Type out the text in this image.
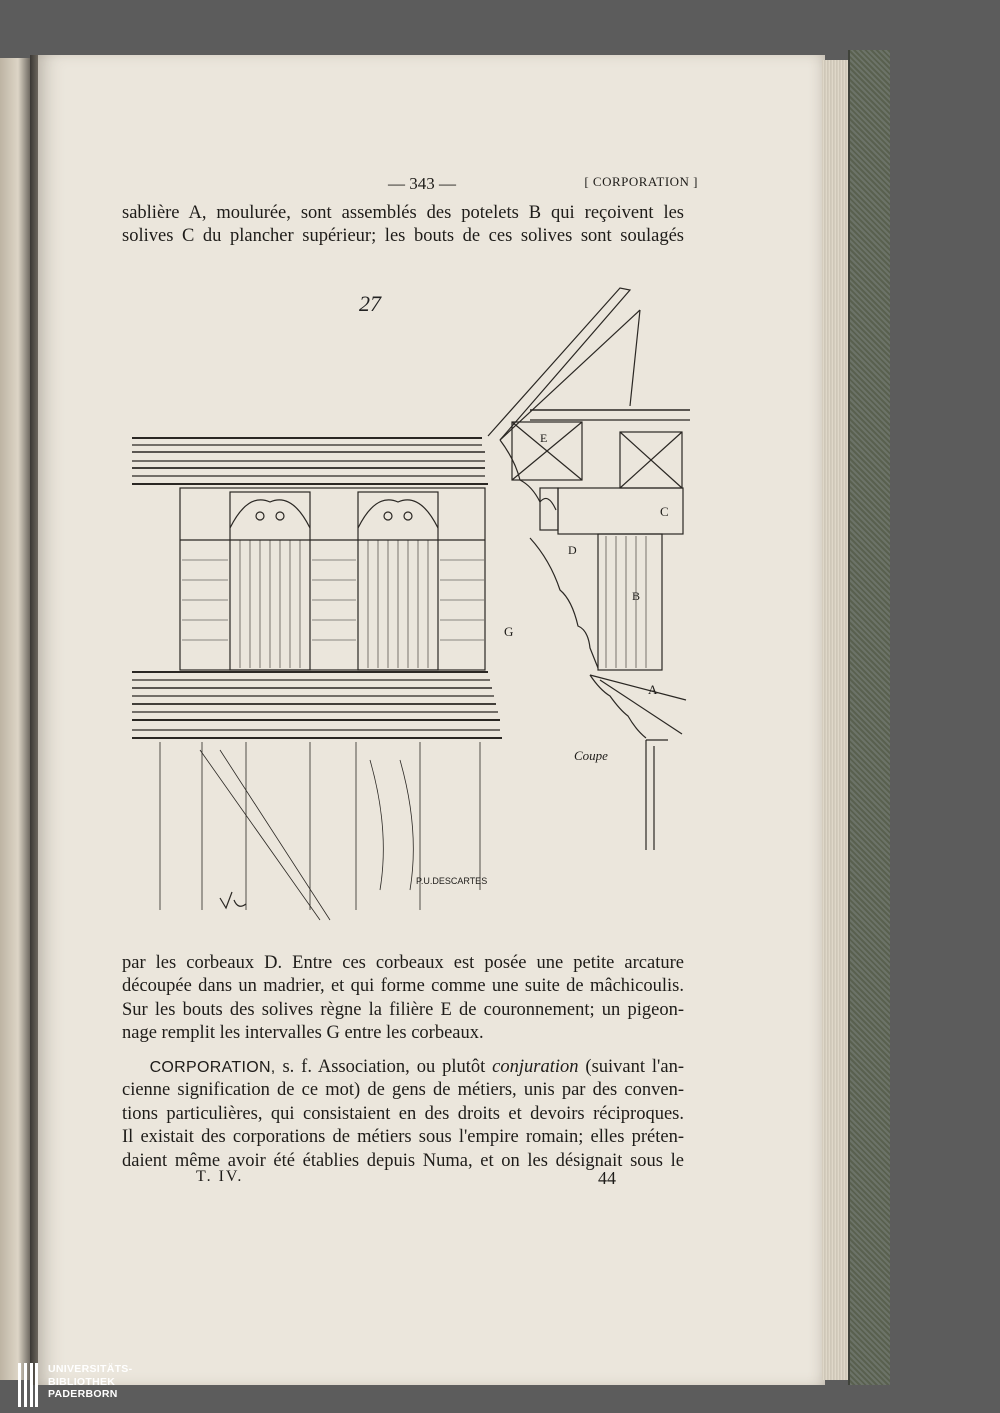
— 343 —	[ CORPORATION ]
sablière A, moulurée, sont assemblés des potelets B qui reçoivent les
solives C du plancher supérieur; les bouts de ces solives sont soulagés
27
E
C
D
B
G
A
Coupe
P.U.DESCARTES
par les corbeaux D. Entre ces corbeaux est posée une petite arcature
découpée dans un madrier, et qui forme comme une suite de mâchicoulis.
Sur les bouts des solives règne la filière E de couronnement; un pigeon-
nage remplit les intervalles G entre les corbeaux.
CORPORATION, s. f. Association, ou plutôt conjuration (suivant l'an-
cienne signification de ce mot) de gens de métiers, unis par des conven-
tions particulières, qui consistaient en des droits et devoirs réciproques.
Il existait des corporations de métiers sous l'empire romain; elles préten-
daient même avoir été établies depuis Numa, et on les désignait sous le
T. IV.	44
UNIVERSITÄTS-
BIBLIOTHEK
PADERBORN
